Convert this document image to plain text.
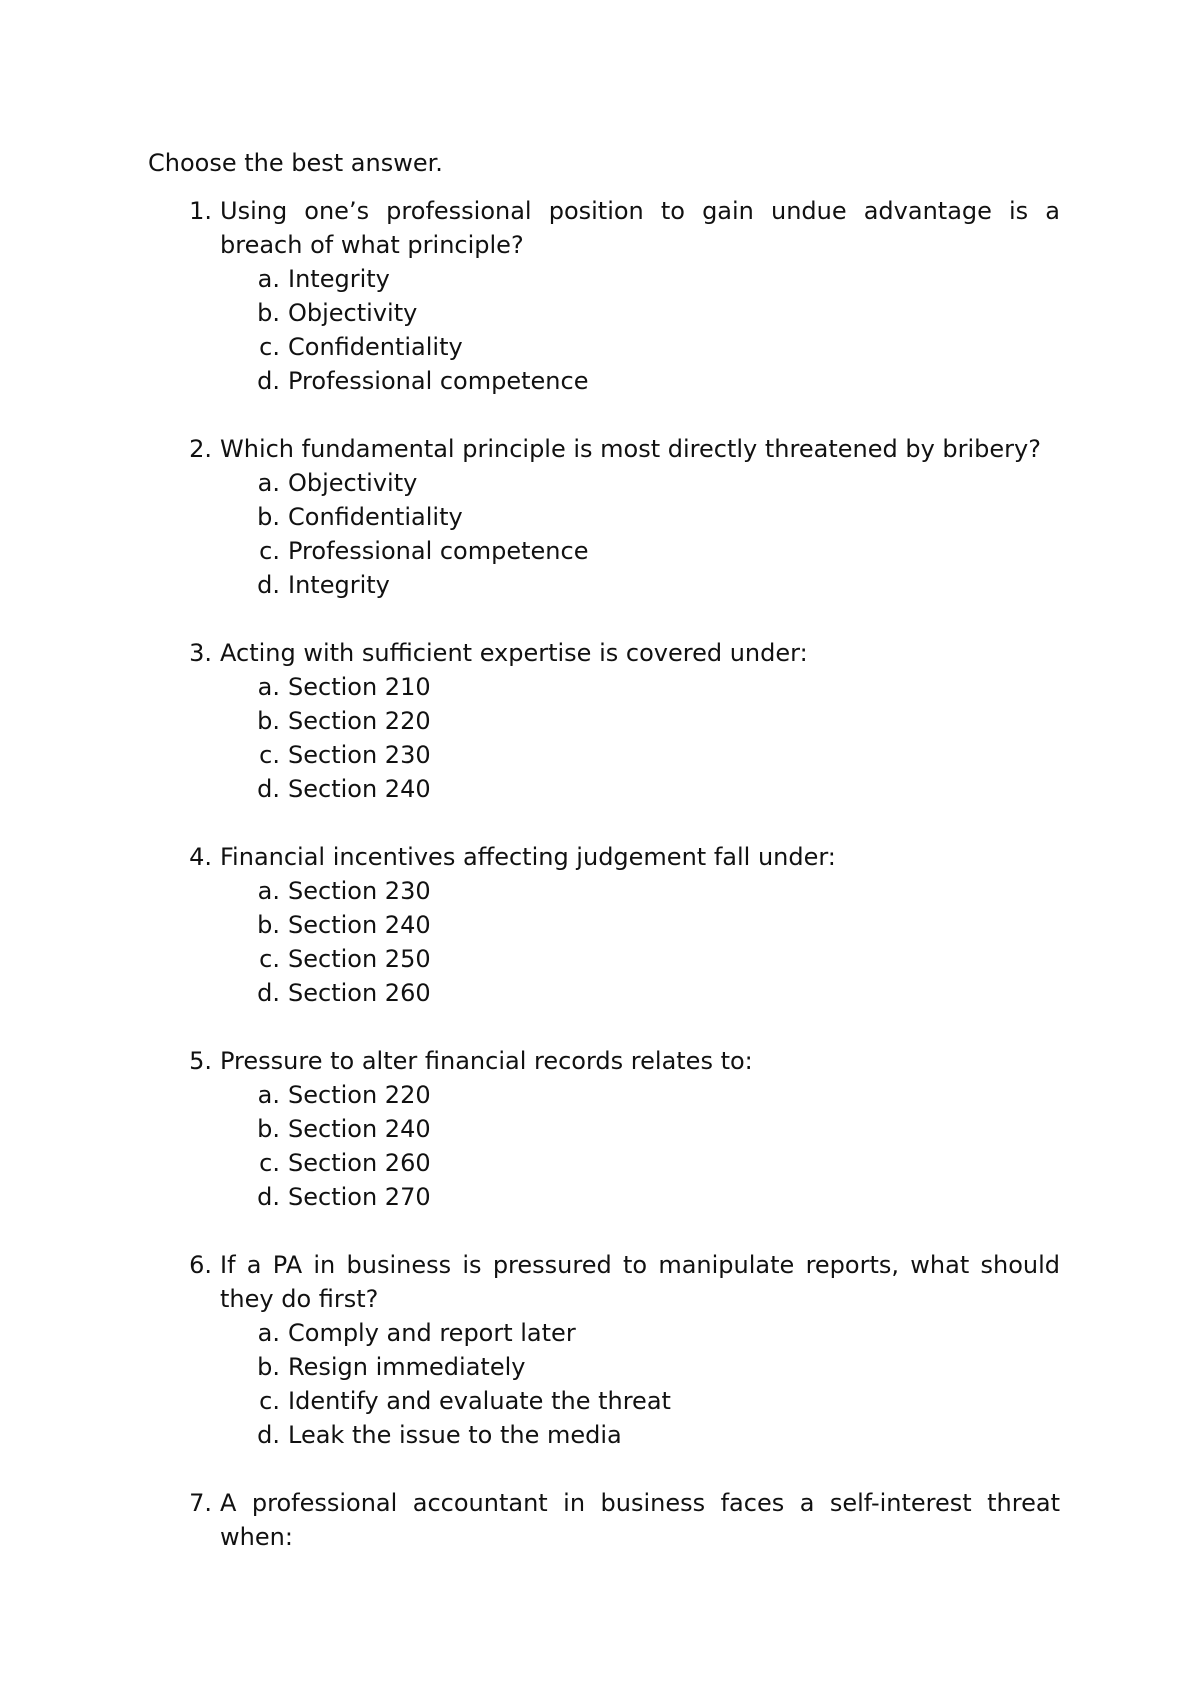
Choose the best answer.

1. Using one’s professional position to gain undue advantage is a breach of what principle?
a. Integrity
b. Objectivity
c. Confidentiality
d. Professional competence
2. Which fundamental principle is most directly threatened by bribery?
a. Objectivity
b. Confidentiality
c. Professional competence
d. Integrity
3. Acting with sufficient expertise is covered under:
a. Section 210
b. Section 220
c. Section 230
d. Section 240
4. Financial incentives affecting judgement fall under:
a. Section 230
b. Section 240
c. Section 250
d. Section 260
5. Pressure to alter financial records relates to:
a. Section 220
b. Section 240
c. Section 260
d. Section 270
6. If a PA in business is pressured to manipulate reports, what should they do first?
a. Comply and report later
b. Resign immediately
c. Identify and evaluate the threat
d. Leak the issue to the media
7. A professional accountant in business faces a self-interest threat when:
